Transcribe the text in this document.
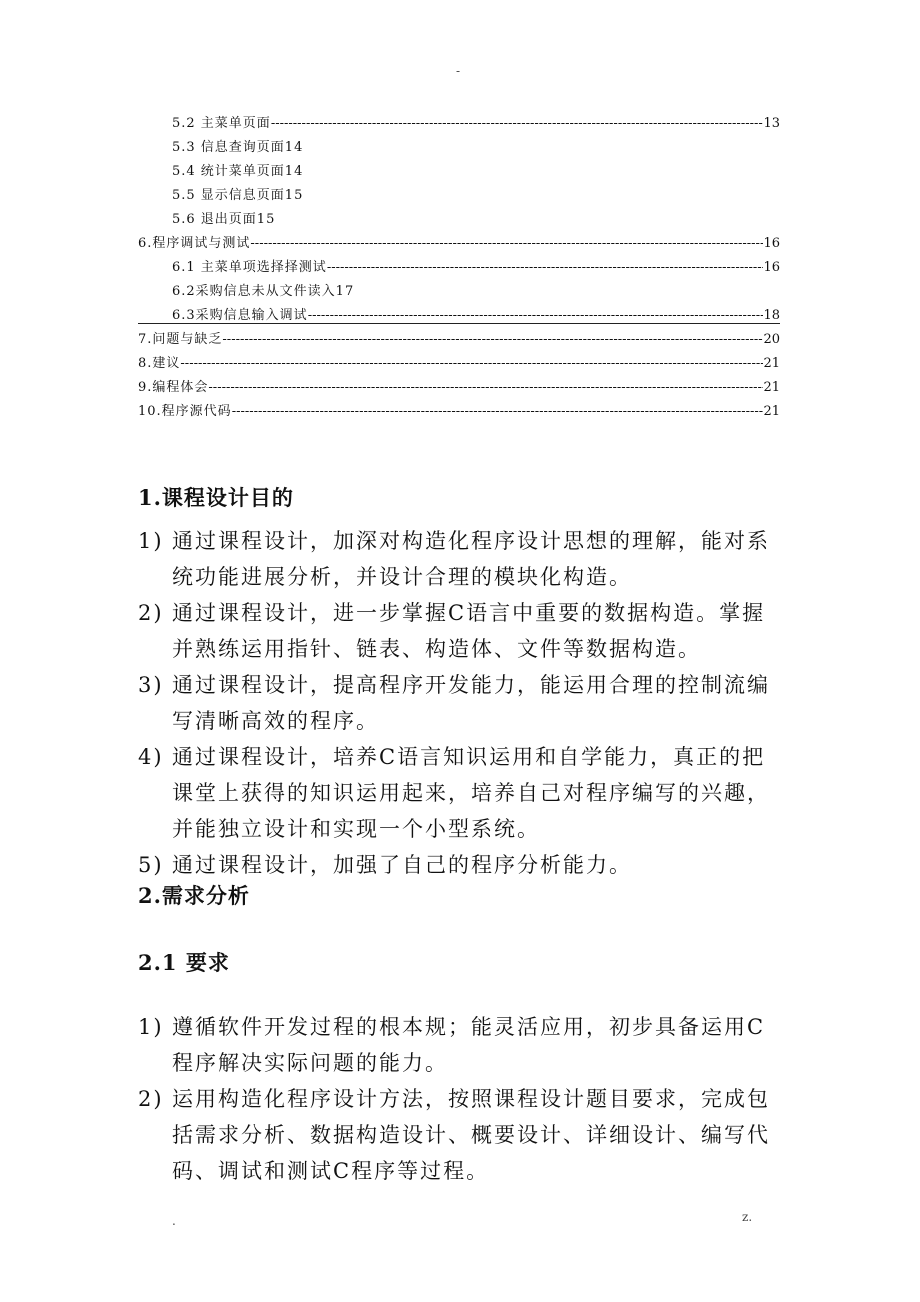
-
5.2 主菜单页面 -----	13
5.3 信息查询页面14
5.4 统计菜单页面14
5.5 显示信息页面15
5.6 退出页面15
6.程序调试与测试 -----	16
6.1 主菜单项选择择测试 -----	16
6.2采购信息未从文件读入17
6.3采购信息输入调试 -----	18
7.问题与缺乏 -----	20
8.建议 -----	21
9.编程体会 -----	21
10.程序源代码 -----	21
1.课程设计目的
1) 通过课程设计，加深对构造化程序设计思想的理解，能对系统功能进展分析，并设计合理的模块化构造。
2) 通过课程设计，进一步掌握C语言中重要的数据构造。掌握并熟练运用指针、链表、构造体、文件等数据构造。
3) 通过课程设计，提高程序开发能力，能运用合理的控制流编写清晰高效的程序。
4) 通过课程设计，培养C语言知识运用和自学能力，真正的把课堂上获得的知识运用起来，培养自己对程序编写的兴趣，并能独立设计和实现一个小型系统。
5) 通过课程设计，加强了自己的程序分析能力。
2.需求分析
2.1 要求
1) 遵循软件开发过程的根本规；能灵活应用，初步具备运用C程序解决实际问题的能力。
2) 运用构造化程序设计方法，按照课程设计题目要求，完成包括需求分析、数据构造设计、概要设计、详细设计、编写代码、调试和测试C程序等过程。
.	z.
